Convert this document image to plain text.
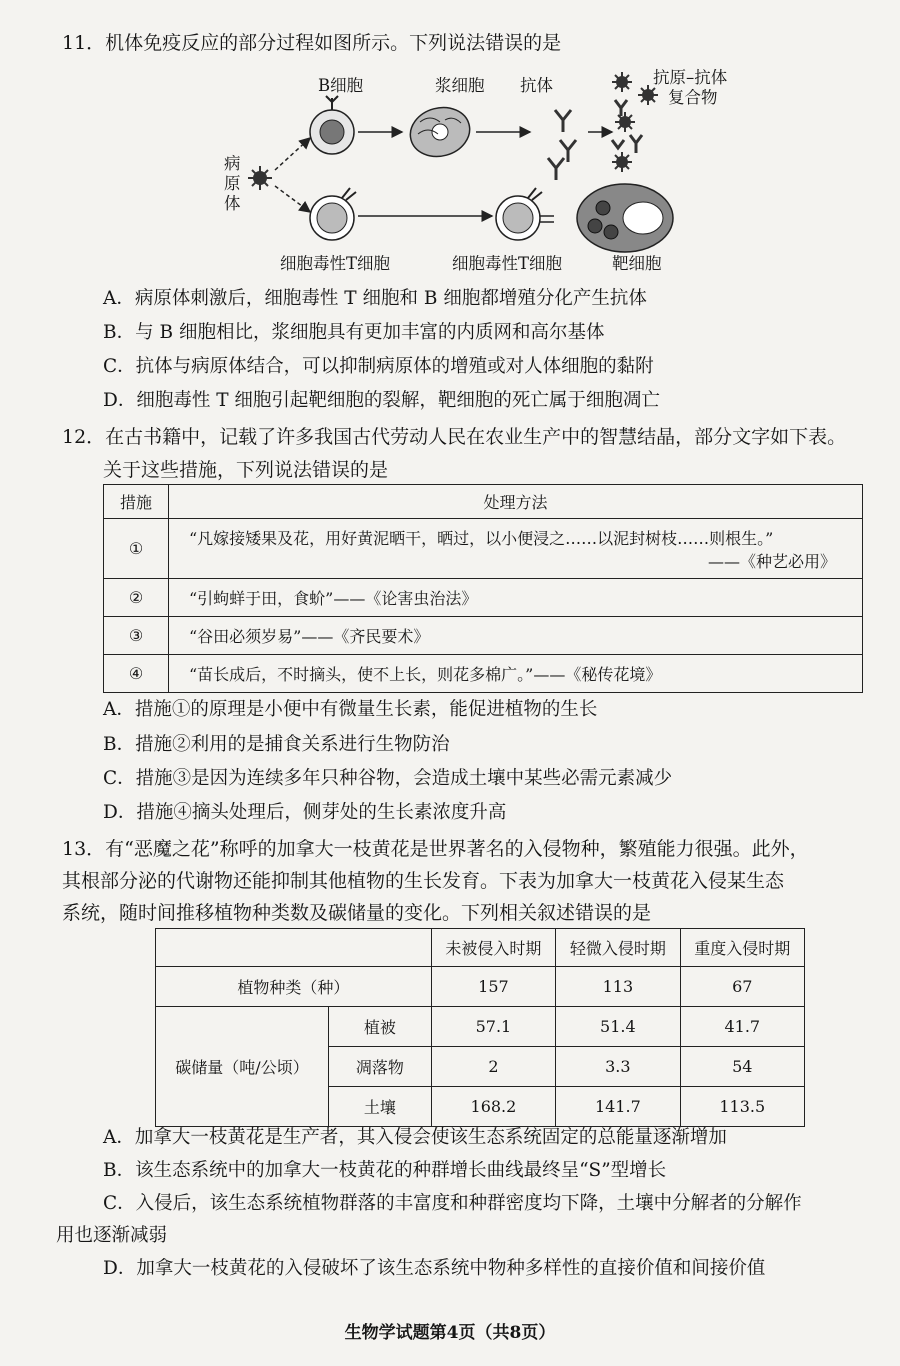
11．机体免疫反应的部分过程如图所示。下列说法错误的是
B细胞	浆细胞 抗体	抗原–抗体
复合物
病
原
体
细胞毒性T细胞	细胞毒性T细胞	靶细胞
A．病原体刺激后，细胞毒性 T 细胞和 B 细胞都增殖分化产生抗体
B．与 B 细胞相比，浆细胞具有更加丰富的内质网和高尔基体
C．抗体与病原体结合，可以抑制病原体的增殖或对人体细胞的黏附
D．细胞毒性 T 细胞引起靶细胞的裂解，靶细胞的死亡属于细胞凋亡
12．在古书籍中，记载了许多我国古代劳动人民在农业生产中的智慧结晶，部分文字如下表。
关于这些措施，下列说法错误的是
措施	处理方法
①	“凡嫁接矮果及花，用好黄泥晒干，晒过，以小便浸之……以泥封树枝……则根生。”
——《种艺必用》

②	“引蚼蛘于田，食蚧”——《论害虫治法》
③	“谷田必须岁易”——《齐民要术》
④	“苗长成后，不时摘头，使不上长，则花多棉广。”——《秘传花境》
A．措施①的原理是小便中有微量生长素，能促进植物的生长
B．措施②利用的是捕食关系进行生物防治
C．措施③是因为连续多年只种谷物，会造成土壤中某些必需元素减少
D．措施④摘头处理后，侧芽处的生长素浓度升高
13．有“恶魔之花”称呼的加拿大一枝黄花是世界著名的入侵物种，繁殖能力很强。此外，
其根部分泌的代谢物还能抑制其他植物的生长发育。下表为加拿大一枝黄花入侵某生态
系统，随时间推移植物种类数及碳储量的变化。下列相关叙述错误的是
		未被侵入时期	轻微入侵时期	重度入侵时期
植物种类（种）		157	113	67
碳储量（吨/公顷）	植被	57.1	51.4	41.7
	凋落物	2	3.3	54
	土壤	168.2	141.7	113.5
A．加拿大一枝黄花是生产者，其入侵会使该生态系统固定的总能量逐渐增加
B．该生态系统中的加拿大一枝黄花的种群增长曲线最终呈“S”型增长
C．入侵后，该生态系统植物群落的丰富度和种群密度均下降，土壤中分解者的分解作
用也逐渐减弱
D．加拿大一枝黄花的入侵破坏了该生态系统中物种多样性的直接价值和间接价值
生物学试题第4页（共8页）
